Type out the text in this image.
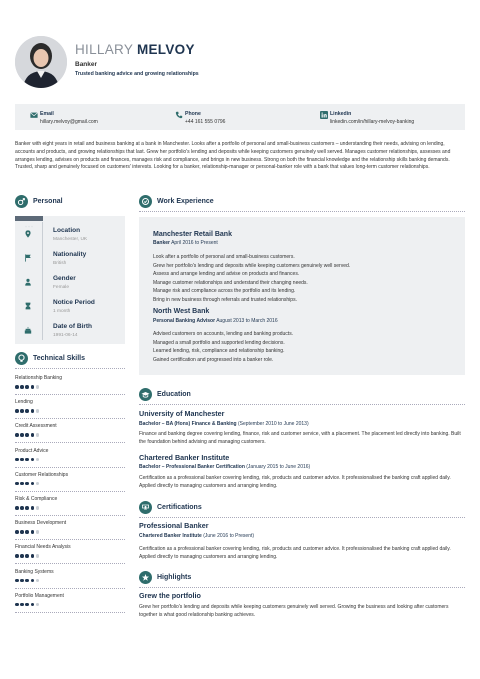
HILLARY MELVOY
Banker
Trusted banking advice and growing relationships
Email
hillary.melvoy@gmail.com
Phone
+44 161 555 0796
Linkedin
linkedin.com/in/hillary-melvoy-banking
Banker with eight years in retail and business banking at a bank in Manchester. Looks after a portfolio of personal and small-business customers – understanding their needs, advising on lending, accounts and products, and growing relationships that last. Grew her portfolio's lending and deposits while keeping customers genuinely well served. Manages customer relationships, assesses and arranges lending, advises on products and finances, manages risk and compliance, and brings in new business. Strong on both the financial knowledge and the relationship skills banking demands. Trusted, sharp and genuinely focused on customers' interests. Looking for a banker, relationship-manager or personal-banker role with a bank that values long-term customer relationships.
Personal
Location
Manchester, UK
Nationality
British
Gender
Female
Notice Period
1 month
Date of Birth
1991-06-14
Technical Skills
Relationship Banking
Lending
Credit Assessment
Product Advice
Customer Relationships
Risk & Compliance
Business Development
Financial Needs Analysis
Banking Systems
Portfolio Management
Work Experience
Manchester Retail Bank
Banker April 2016 to Present
Look after a portfolio of personal and small-business customers.
Grew her portfolio's lending and deposits while keeping customers genuinely well served.
Assess and arrange lending and advise on products and finances.
Manage customer relationships and understand their changing needs.
Manage risk and compliance across the portfolio and its lending.
Bring in new business through referrals and trusted relationships.
North West Bank
Personal Banking Advisor August 2013 to March 2016
Advised customers on accounts, lending and banking products.
Managed a small portfolio and supported lending decisions.
Learned lending, risk, compliance and relationship banking.
Gained certification and progressed into a banker role.
Education
University of Manchester
Bachelor – BA (Hons) Finance & Banking (September 2010 to June 2013)
Finance and banking degree covering lending, finance, risk and customer service, with a placement. The placement led directly into banking. Built the foundation behind advising and managing customers.
Chartered Banker Institute
Bachelor – Professional Banker Certification (January 2015 to June 2016)
Certification as a professional banker covering lending, risk, products and customer advice. It professionalised the banking craft applied daily. Applied directly to managing customers and arranging lending.
Certifications
Professional Banker
Chartered Banker Institute (June 2016 to Present)
Certification as a professional banker covering lending, risk, products and customer advice. It professionalised the banking craft applied daily. Applied directly to managing customers and arranging lending.
Highlights
Grew the portfolio
Grew her portfolio's lending and deposits while keeping customers genuinely well served. Growing the business and looking after customers together is what good relationship banking achieves.
